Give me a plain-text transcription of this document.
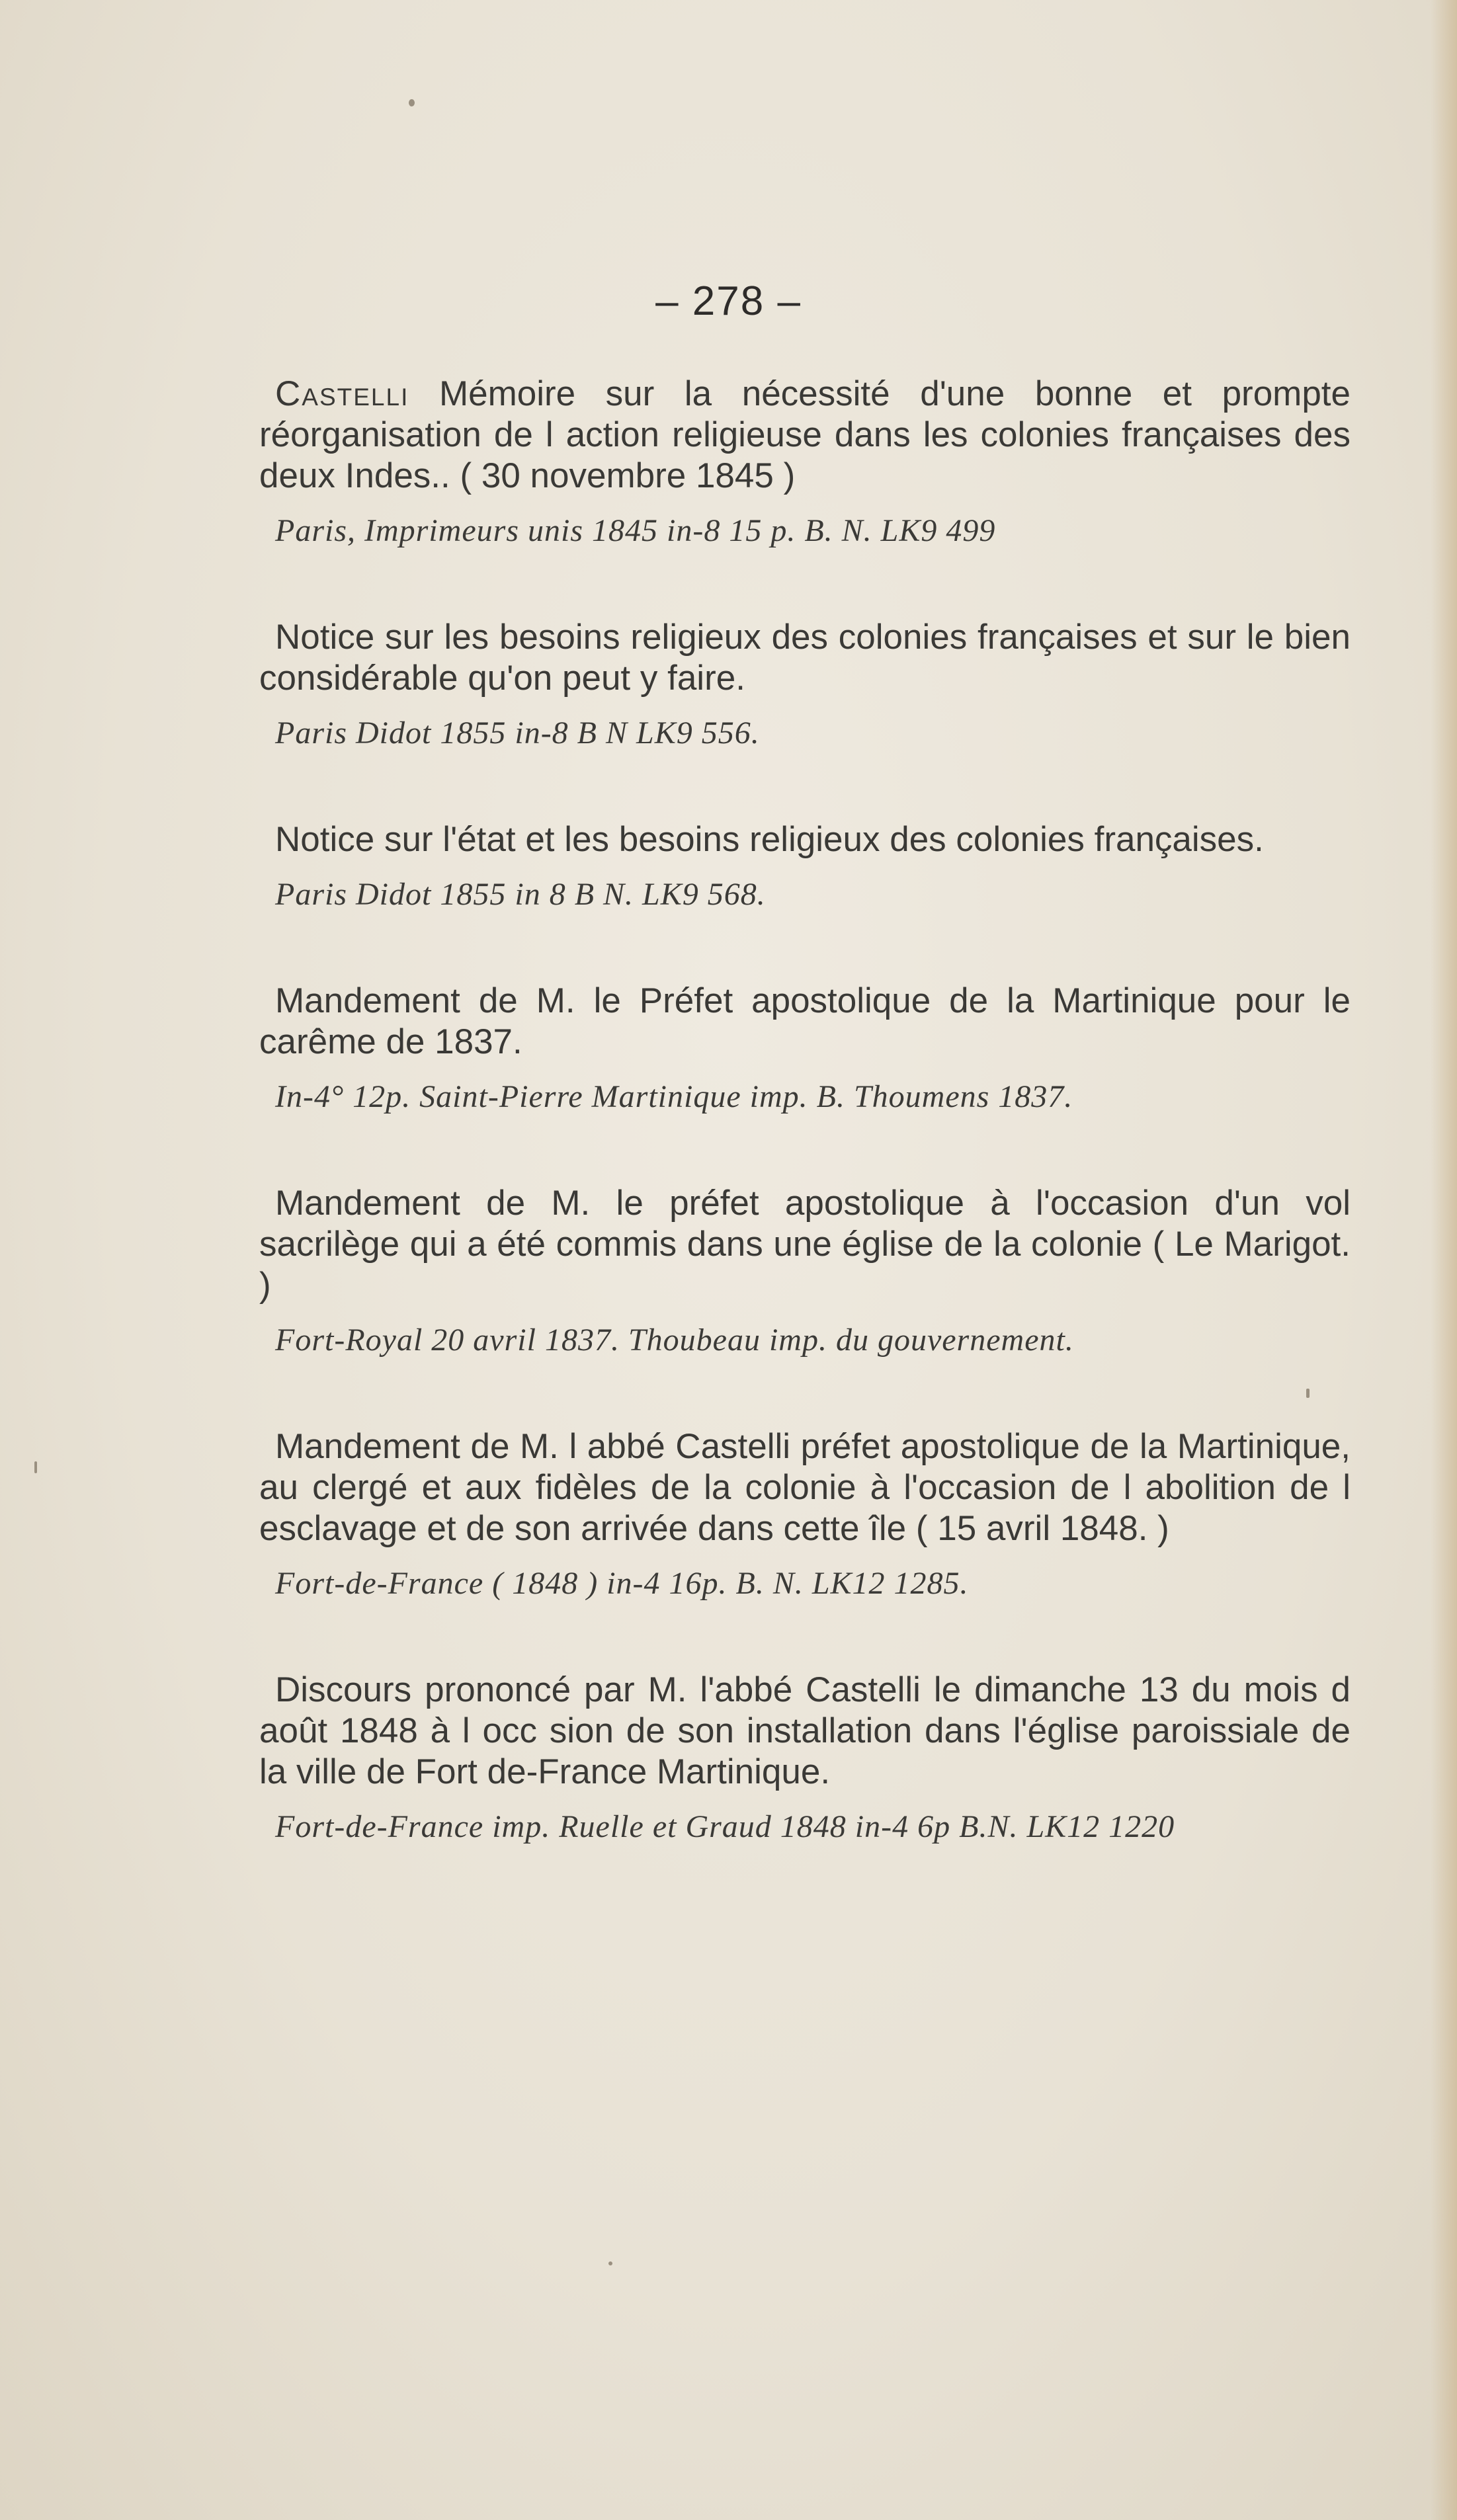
– 278 –

Castelli Mémoire sur la nécessité d'une bonne et prompte réorganisation de l action religieuse dans les colonies françaises des deux Indes.. ( 30 novembre 1845 )

Paris, Imprimeurs unis 1845 in-8 15 p. B. N. LK9 499

Notice sur les besoins religieux des colonies françaises et sur le bien considérable qu'on peut y faire.

Paris Didot 1855 in-8 B N LK9 556.

Notice sur l'état et les besoins religieux des colonies françaises.

Paris Didot 1855 in 8 B N. LK9 568.

Mandement de M. le Préfet apostolique de la Martinique pour le carême de 1837.

In-4° 12p. Saint-Pierre Martinique imp. B. Thoumens 1837.

Mandement de M. le préfet apostolique à l'occasion d'un vol sacrilège qui a été commis dans une église de la colonie ( Le Marigot. )

Fort-Royal 20 avril 1837. Thoubeau imp. du gouvernement.

Mandement de M. l abbé Castelli préfet apostolique de la Martinique, au clergé et aux fidèles de la colonie à l'occasion de l abolition de l esclavage et de son arrivée dans cette île ( 15 avril 1848. )

Fort-de-France ( 1848 ) in-4 16p. B. N. LK12 1285.

Discours prononcé par M. l'abbé Castelli le dimanche 13 du mois d août 1848 à l occ sion de son installation dans l'église paroissiale de la ville de Fort de-France Martinique.

Fort-de-France imp. Ruelle et Graud 1848 in-4 6p B.N. LK12 1220
